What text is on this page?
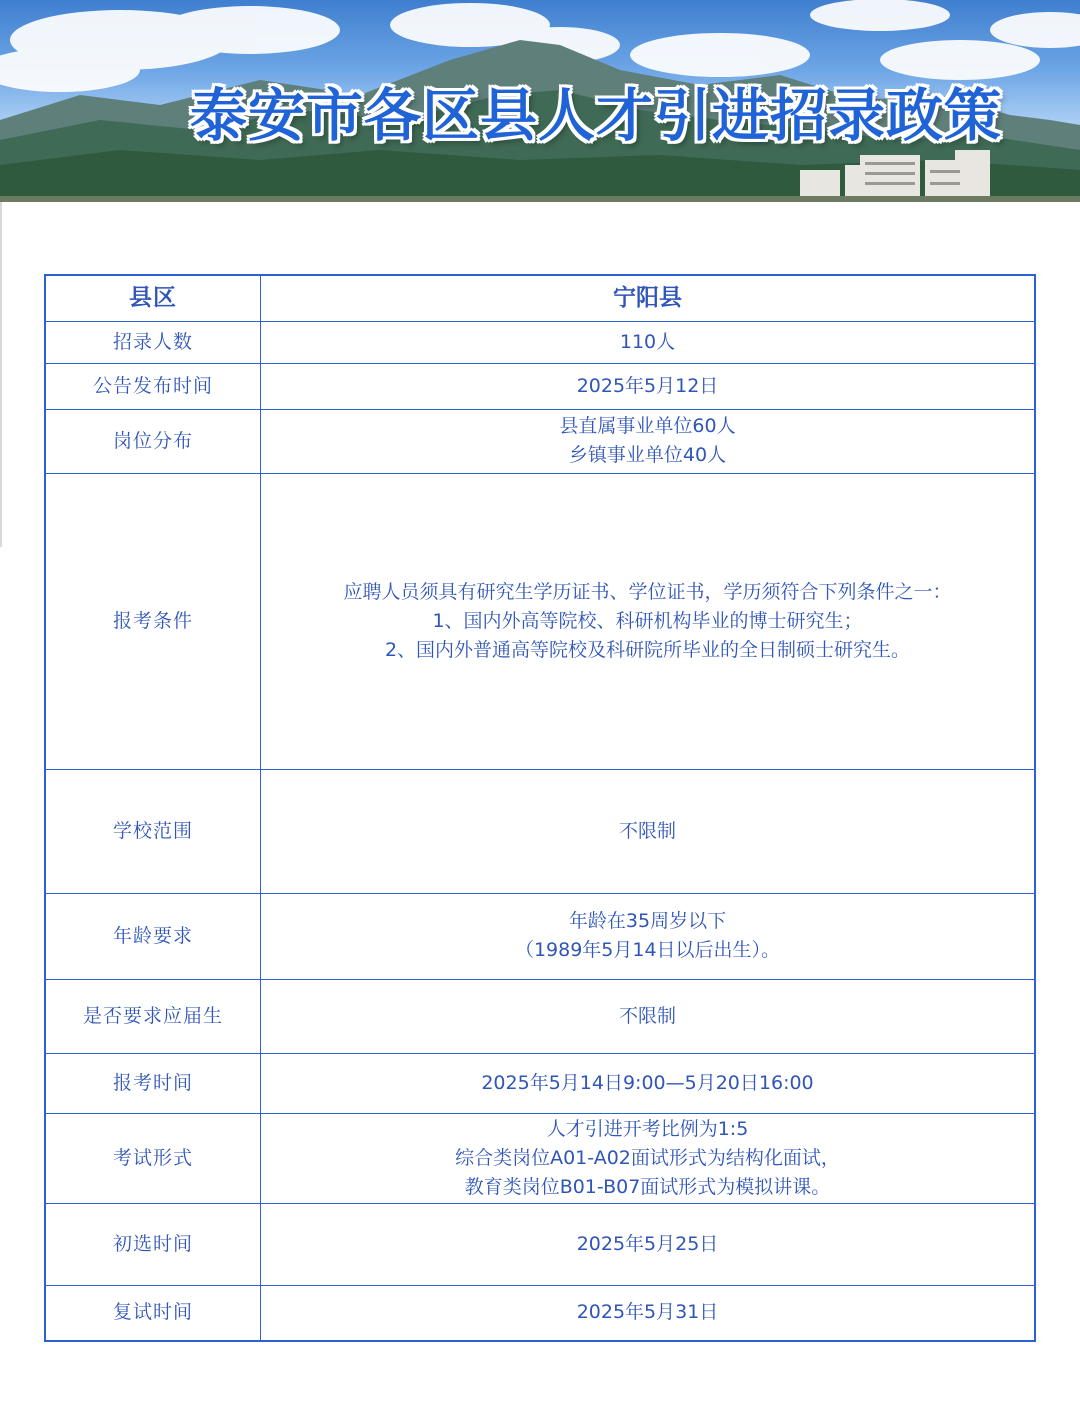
泰安市各区县人才引进招录政策
县区	宁阳县
招录人数	110人

公告发布时间	2025年5月12日

岗位分布	县直属事业单位60人
乡镇事业单位40人

报考条件	应聘人员须具有研究生学历证书、学位证书，学历须符合下列条件之一：
1、国内外高等院校、科研机构毕业的博士研究生；
2、国内外普通高等院校及科研院所毕业的全日制硕士研究生。

学校范围	不限制

年龄要求	年龄在35周岁以下
（1989年5月14日以后出生）。

是否要求应届生	不限制

报考时间	2025年5月14日9:00—5月20日16:00

考试形式	人才引进开考比例为1:5
综合类岗位A01-A02面试形式为结构化面试，
教育类岗位B01-B07面试形式为模拟讲课。

初选时间	2025年5月25日

复试时间	2025年5月31日
